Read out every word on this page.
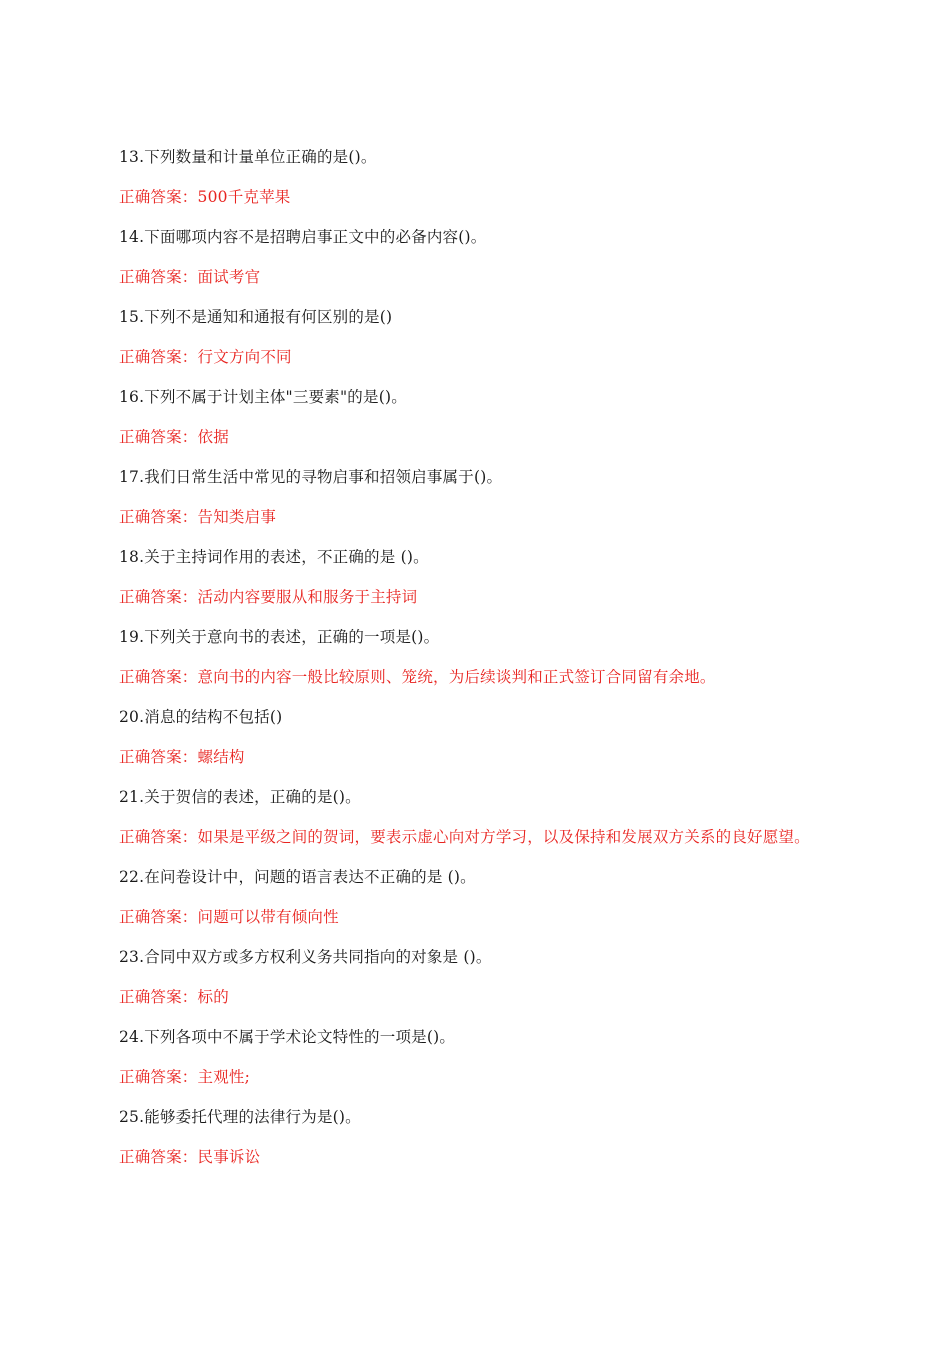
13.下列数量和计量单位正确的是()。
正确答案：500千克苹果
14.下面哪项内容不是招聘启事正文中的必备内容()。
正确答案：面试考官
15.下列不是通知和通报有何区别的是()
正确答案：行文方向不同
16.下列不属于计划主体"三要素"的是()。
正确答案：依据
17.我们日常生活中常见的寻物启事和招领启事属于()。
正确答案：告知类启事
18.关于主持词作用的表述，不正确的是 ()。
正确答案：活动内容要服从和服务于主持词
19.下列关于意向书的表述，正确的一项是()。
正确答案：意向书的内容一般比较原则、笼统，为后续谈判和正式签订合同留有余地。
20.消息的结构不包括()
正确答案：螺结构
21.关于贺信的表述，正确的是()。
正确答案：如果是平级之间的贺词，要表示虚心向对方学习，以及保持和发展双方关系的良好愿望。
22.在问卷设计中，问题的语言表达不正确的是 ()。
正确答案：问题可以带有倾向性
23.合同中双方或多方权利义务共同指向的对象是 ()。
正确答案：标的
24.下列各项中不属于学术论文特性的一项是()。
正确答案：主观性;
25.能够委托代理的法律行为是()。
正确答案：民事诉讼
